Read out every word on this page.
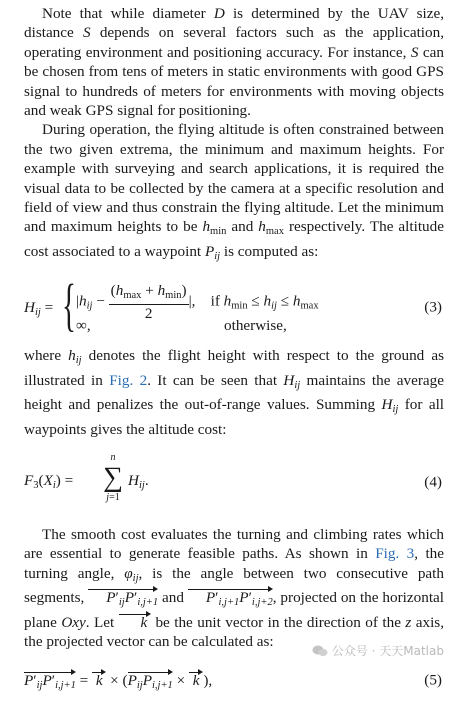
Note that while diameter D is determined by the UAV size, distance S depends on several factors such as the application, operating environment and positioning accuracy. For instance, S can be chosen from tens of meters in static environments with good GPS signal to hundreds of meters for environments with moving objects and weak GPS signal for positioning.

During operation, the flying altitude is often constrained between the two given extrema, the minimum and maximum heights. For example with surveying and search applications, it is required the visual data to be collected by the camera at a specific resolution and field of view and thus constrain the flying altitude. Let the minimum and maximum heights to be hmin and hmax respectively. The altitude cost associated to a waypoint $P_{ij}$ is computed as:

$H_{ij}$ = { $|h_{ij} - \frac{(hmax + hmin)}{2}$ |,    if $hmin \le h_{ij} \le hmax$
∞,	otherwise,
(3)

where $h_{ij}$ denotes the flight height with respect to the ground as illustrated in Fig. 2. It can be seen that $H_{ij}$ maintains the average height and penalizes the out-of-range values. Summing $H_{ij}$ for all waypoints gives the altitude cost:

$F3(X_i)$ =
n
∑
j=1
$H_{ij}$.	(4)

The smooth cost evaluates the turning and climbing rates which are essential to generate feasible paths. As shown in Fig. 3, the turning angle, $\varphi_{ij}$, is the angle between two consecutive path segments, $P'_{ij}P'_{i,j+1}$ and $P'_{i,j+1}P'_{i,j+2}$, projected on the horizontal plane Oxy. Let  k  be the unit vector in the direction of the z axis, the projected vector can be calculated as:

$P'_{ij}P'_{i,j+1} = k \times (P_{ij}P_{i,j+1} \times k$ ),	(5)
公众号 · 天天Matlab
